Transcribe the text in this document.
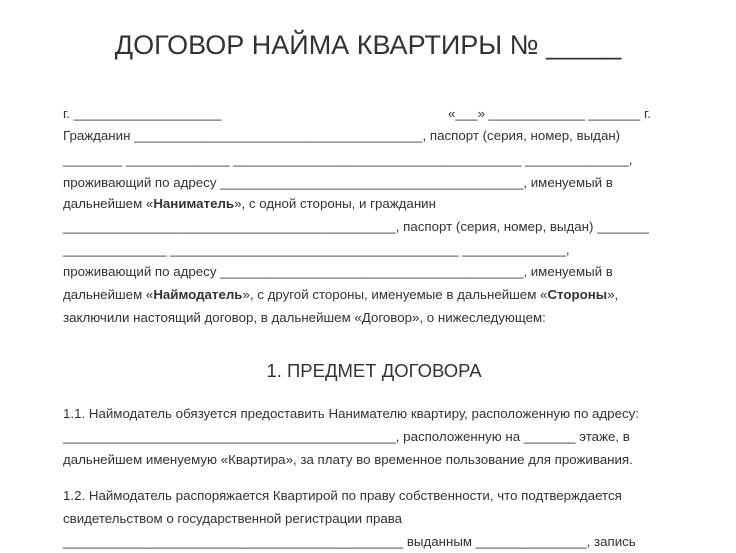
ДОГОВОР НАЙМА КВАРТИРЫ № _____
г. ____________________	«___» _____________ _______ г.
Гражданин _______________________________________, паспорт (серия, номер, выдан)
________ ______________ _______________________________________ ______________,
проживающий по адресу _________________________________________, именуемый в
дальнейшем «Наниматель», с одной стороны, и гражданин
_____________________________________________, паспорт (серия, номер, выдан) _______
______________ _______________________________________ ______________,
проживающий по адресу _________________________________________, именуемый в
дальнейшем «Наймодатель», с другой стороны, именуемые в дальнейшем «Стороны»,
заключили настоящий договор, в дальнейшем «Договор», о нижеследующем:
1. ПРЕДМЕТ ДОГОВОРА
1.1. Наймодатель обязуется предоставить Нанимателю квартиру, расположенную по адресу:
_____________________________________________, расположенную на _______ этаже, в
дальнейшем именуемую «Квартира», за плату во временное пользование для проживания.
1.2. Наймодатель распоряжается Квартирой по праву собственности, что подтверждается
свидетельством о государственной регистрации права
______________________________________________ выданным _______________, запись
